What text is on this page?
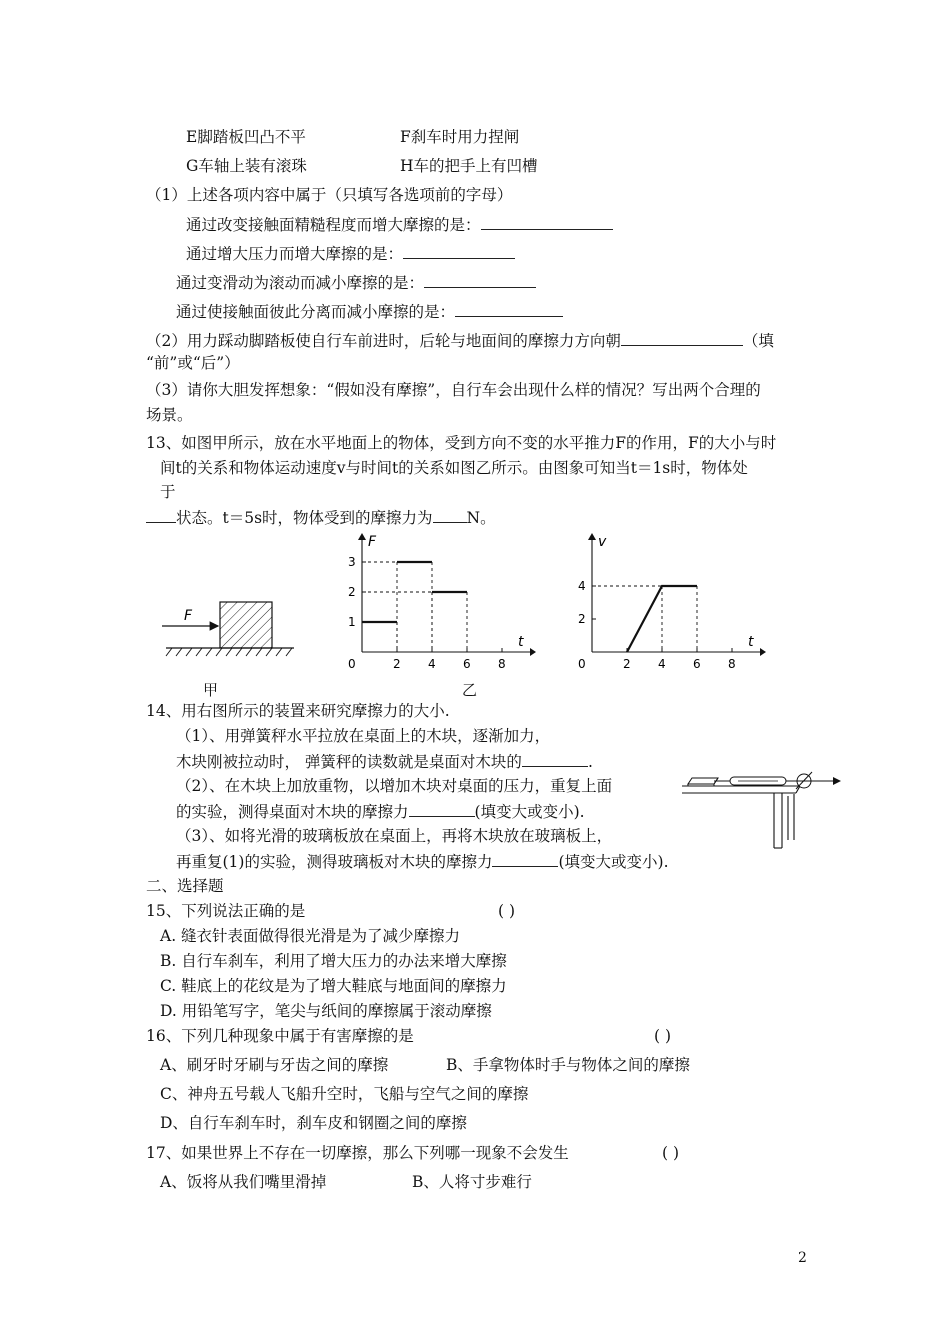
E脚踏板凹凸不平	F刹车时用力捏闸
G车轴上装有滚珠	H车的把手上有凹槽
（1）上述各项内容中属于（只填写各选项前的字母）
通过改变接触面精糙程度而增大摩擦的是：
通过增大压力而增大摩擦的是：
通过变滑动为滚动而减小摩擦的是：
通过使接触面彼此分离而减小摩擦的是：
（2）用力踩动脚踏板使自行车前进时，后轮与地面间的摩擦力方向朝	（填
“前”或“后”）
（3）请你大胆发挥想象：“假如没有摩擦”，自行车会出现什么样的情况？写出两个合理的
场景。
13、如图甲所示，放在水平地面上的物体，受到方向不变的水平推力F的作用，F的大小与时
间t的关系和物体运动速度v与时间t的关系如图乙所示。由图象可知当t＝1s时，物体处
于
状态。t＝5s时，物体受到的摩擦力为 N。
F
F
t
0	2 4 6 8
1
2
3
v
t
0	2 4 6 8
2
4
甲	乙
14、用右图所示的装置来研究摩擦力的大小.
（1）、用弹簧秤水平拉放在桌面上的木块，逐渐加力，
木块刚被拉动时， 弹簧秤的读数就是桌面对木块的	.
（2）、在木块上加放重物，以增加木块对桌面的压力，重复上面
的实验，测得桌面对木块的摩擦力	(填变大或变小).
（3）、如将光滑的玻璃板放在桌面上，再将木块放在玻璃板上，
再重复(1)的实验，测得玻璃板对木块的摩擦力	(填变大或变小).
二、选择题
15、下列说法正确的是	( )
A. 缝衣针表面做得很光滑是为了减少摩擦力
B. 自行车刹车，利用了增大压力的办法来增大摩擦
C. 鞋底上的花纹是为了增大鞋底与地面间的摩擦力
D. 用铅笔写字，笔尖与纸间的摩擦属于滚动摩擦
16、下列几种现象中属于有害摩擦的是	( )
A、刷牙时牙刷与牙齿之间的摩擦	B、手拿物体时手与物体之间的摩擦
C、神舟五号载人飞船升空时，飞船与空气之间的摩擦
D、自行车刹车时，刹车皮和钢圈之间的摩擦
17、如果世界上不存在一切摩擦，那么下列哪一现象不会发生	( )
A、饭将从我们嘴里滑掉	B、人将寸步难行
2
